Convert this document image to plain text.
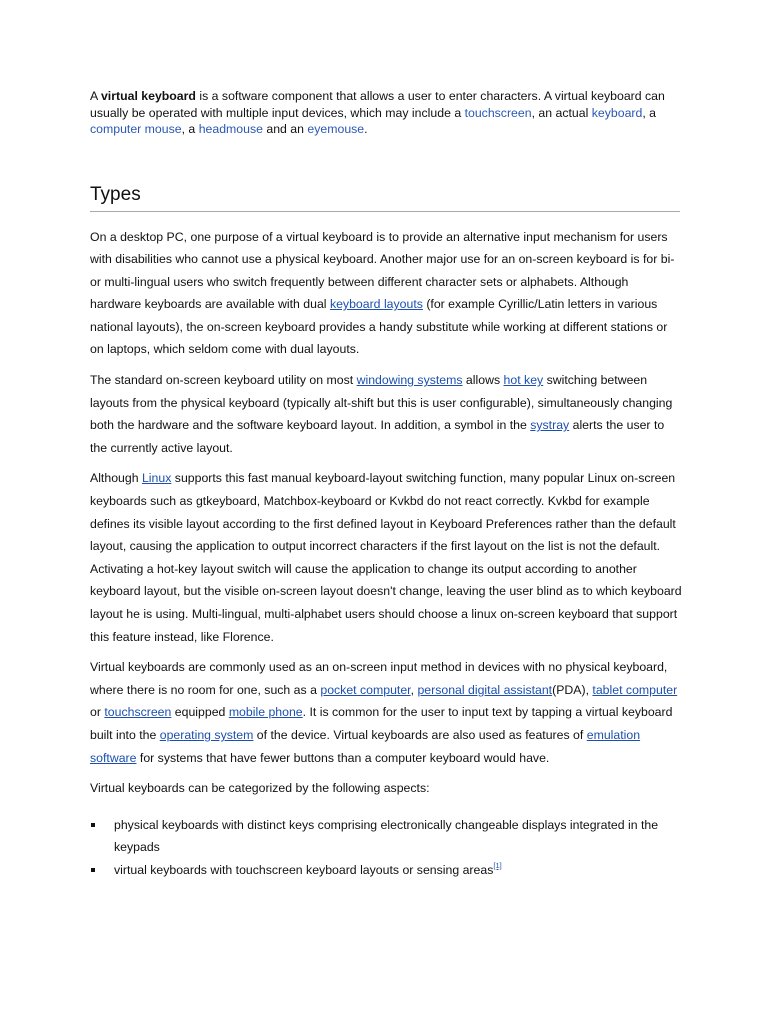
A virtual keyboard is a software component that allows a user to enter characters. A virtual keyboard can usually be operated with multiple input devices, which may include a touchscreen, an actual keyboard, a computer mouse, a headmouse and an eyemouse.

Types

On a desktop PC, one purpose of a virtual keyboard is to provide an alternative input mechanism for users with disabilities who cannot use a physical keyboard. Another major use for an on-screen keyboard is for bi- or multi-lingual users who switch frequently between different character sets or alphabets. Although hardware keyboards are available with dual keyboard layouts (for example Cyrillic/Latin letters in various national layouts), the on-screen keyboard provides a handy substitute while working at different stations or on laptops, which seldom come with dual layouts.

The standard on-screen keyboard utility on most windowing systems allows hot key switching between layouts from the physical keyboard (typically alt-shift but this is user configurable), simultaneously changing both the hardware and the software keyboard layout. In addition, a symbol in the systray alerts the user to the currently active layout.

Although Linux supports this fast manual keyboard-layout switching function, many popular Linux on-screen keyboards such as gtkeyboard, Matchbox-keyboard or Kvkbd do not react correctly. Kvkbd for example defines its visible layout according to the first defined layout in Keyboard Preferences rather than the default layout, causing the application to output incorrect characters if the first layout on the list is not the default. Activating a hot-key layout switch will cause the application to change its output according to another keyboard layout, but the visible on-screen layout doesn't change, leaving the user blind as to which keyboard layout he is using. Multi-lingual, multi-alphabet users should choose a linux on-screen keyboard that support this feature instead, like Florence.

Virtual keyboards are commonly used as an on-screen input method in devices with no physical keyboard, where there is no room for one, such as a pocket computer, personal digital assistant(PDA), tablet computer or touchscreen equipped mobile phone. It is common for the user to input text by tapping a virtual keyboard built into the operating system of the device. Virtual keyboards are also used as features of emulation software for systems that have fewer buttons than a computer keyboard would have.

Virtual keyboards can be categorized by the following aspects:

physical keyboards with distinct keys comprising electronically changeable displays integrated in the keypads
virtual keyboards with touchscreen keyboard layouts or sensing areas[1]
